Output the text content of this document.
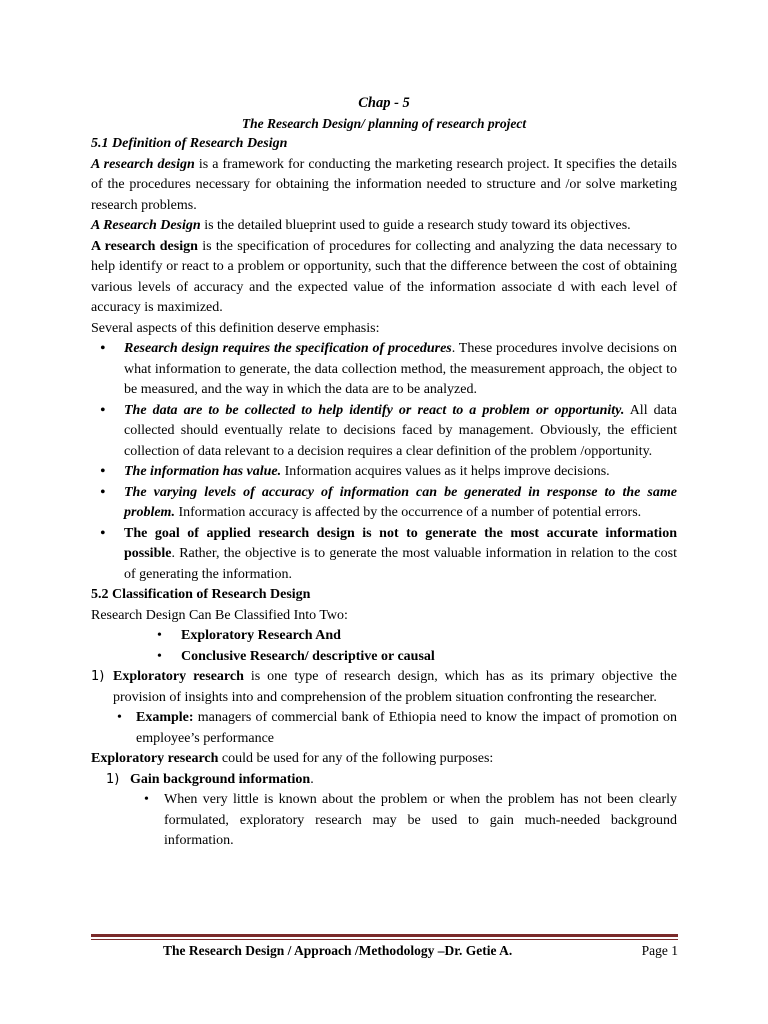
Chap - 5

The Research Design/ planning of research project

5.1 Definition of Research Design

A research design is a framework for conducting the marketing research project. It specifies the details of the procedures necessary for obtaining the information needed to structure and /or solve marketing research problems.

A Research Design is the detailed blueprint used to guide a research study toward its objectives.

A research design is the specification of procedures for collecting and analyzing the data necessary to help identify or react to a problem or opportunity, such that the difference between the cost of obtaining various levels of accuracy and the expected value of the information associate d with each level of accuracy is maximized.

Several aspects of this definition deserve emphasis:

• Research design requires the specification of procedures. These procedures involve decisions on what information to generate, the data collection method, the measurement approach, the object to be measured, and the way in which the data are to be analyzed.
• The data are to be collected to help identify or react to a problem or opportunity. All data collected should eventually relate to decisions faced by management. Obviously, the efficient collection of data relevant to a decision requires a clear definition of the problem /opportunity.
• The information has value. Information acquires values as it helps improve decisions.
• The varying levels of accuracy of information can be generated in response to the same problem. Information accuracy is affected by the occurrence of a number of potential errors.
• The goal of applied research design is not to generate the most accurate information possible. Rather, the objective is to generate the most valuable information in relation to the cost of generating the information.

5.2 Classification of Research Design

Research Design Can Be Classified Into Two:

• Exploratory Research And
• Conclusive Research/ descriptive or causal

1) Exploratory research is one type of research design, which has as its primary objective the provision of insights into and comprehension of the problem situation confronting the researcher.

• Example: managers of commercial bank of Ethiopia need to know the impact of promotion on employee’s performance

Exploratory research could be used for any of the following purposes:

1) Gain background information.

• When very little is known about the problem or when the problem has not been clearly formulated, exploratory research may be used to gain much-needed background information.
The Research Design / Approach /Methodology –Dr. Getie A.	Page 1
